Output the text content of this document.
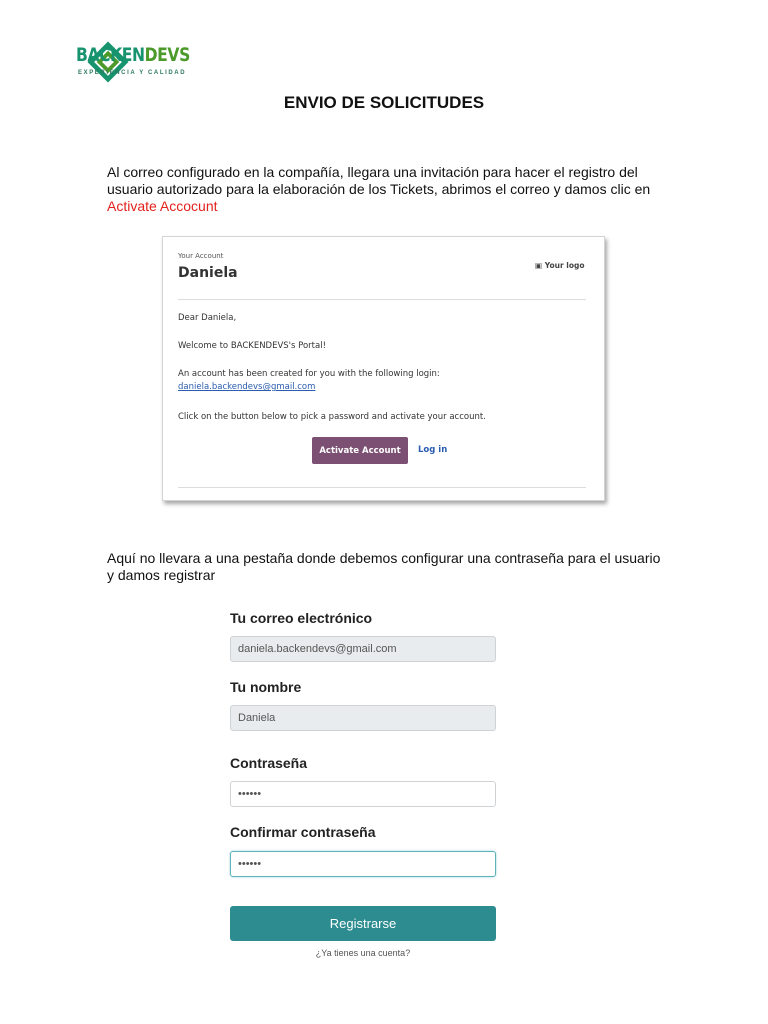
BACKENDEVS
EXPERIENCIA Y CALIDAD
ENVIO DE SOLICITUDES
Al correo configurado en la compañía, llegara una invitación para hacer el registro del usuario autorizado para la elaboración de los Tickets, abrimos el correo y damos clic en Activate Accocunt
Your Account
Daniela	▣ Your logo
Dear Daniela,
Welcome to BACKENDEVS's Portal!
An account has been created for you with the following login:
daniela.backendevs@gmail.com
Click on the button below to pick a password and activate your account.
Activate Account	Log in
Aquí no llevara a una pestaña donde debemos configurar una contraseña para el usuario y damos registrar
Tu correo electrónico
daniela.backendevs@gmail.com
Tu nombre
Daniela
Contraseña
••••••
Confirmar contraseña
••••••
Registrarse
¿Ya tienes una cuenta?
